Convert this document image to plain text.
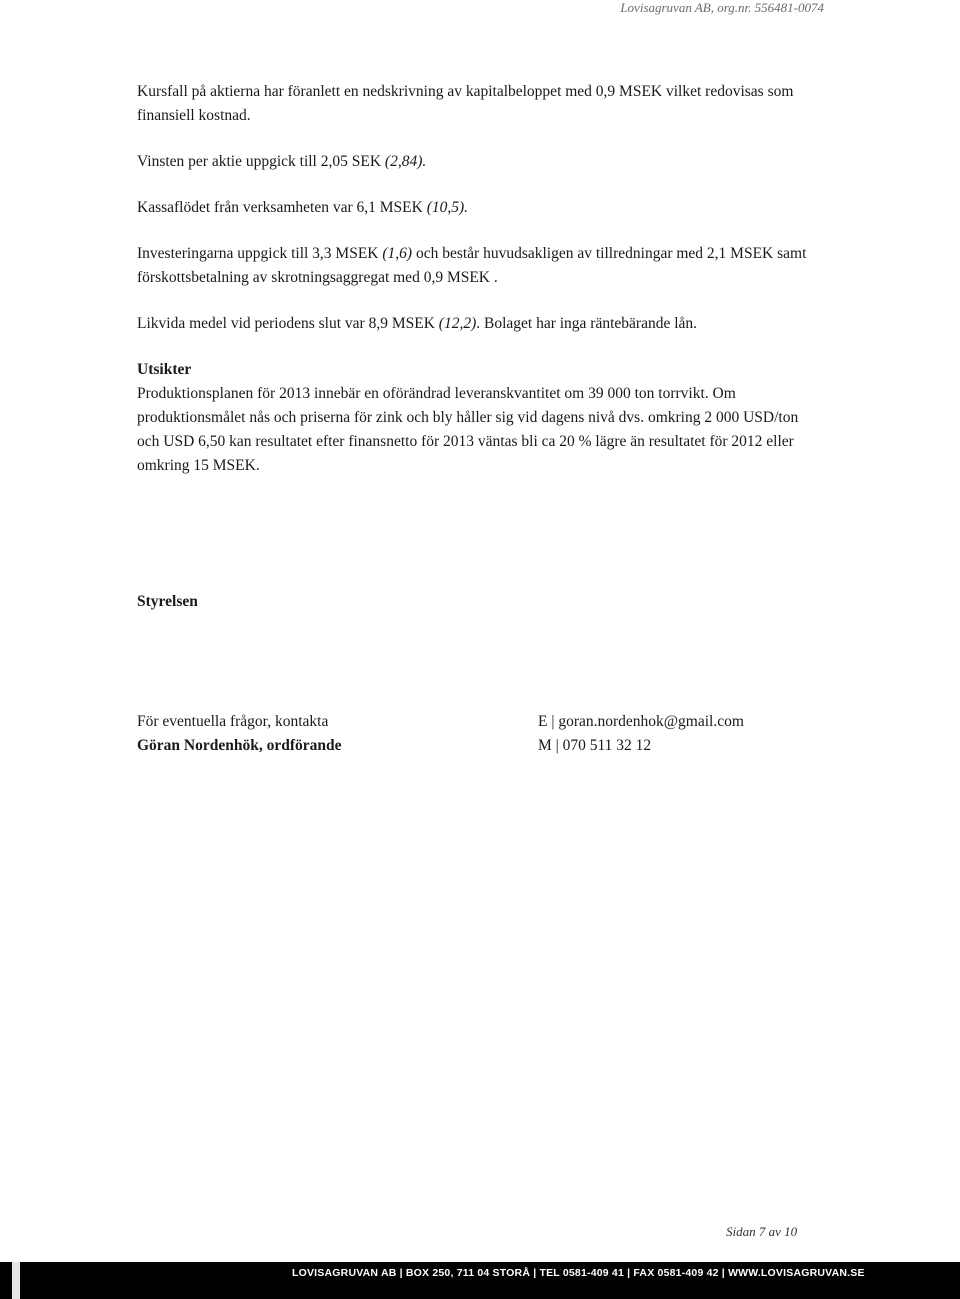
Lovisagruvan AB, org.nr. 556481-0074

Kursfall på aktierna har föranlett en nedskrivning av kapitalbeloppet med 0,9 MSEK vilket redovisas som finansiell kostnad.

Vinsten per aktie uppgick till 2,05 SEK (2,84).

Kassaflödet från verksamheten var 6,1 MSEK (10,5).

Investeringarna uppgick till 3,3 MSEK (1,6) och består huvudsakligen av tillredningar med 2,1 MSEK samt förskottsbetalning av skrotningsaggregat med 0,9 MSEK .

Likvida medel vid periodens slut var 8,9 MSEK (12,2). Bolaget har inga räntebärande lån.

Utsikter

Produktionsplanen för 2013 innebär en oförändrad leveranskvantitet om 39 000 ton torrvikt. Om produktionsmålet nås och priserna för zink och bly håller sig vid dagens nivå dvs. omkring 2 000 USD/ton och USD 6,50 kan resultatet efter finansnetto för 2013 väntas bli ca 20 % lägre än resultatet för 2012 eller omkring 15 MSEK.

Styrelsen
För eventuella frågor, kontakta
Göran Nordenhök, ordförande
E | goran.nordenhok@gmail.com
M | 070 511 32 12
Sidan 7 av 10
LOVISAGRUVAN AB | BOX 250, 711 04 STORÅ | TEL 0581-409 41 | FAX 0581-409 42 | WWW.LOVISAGRUVAN.SE
